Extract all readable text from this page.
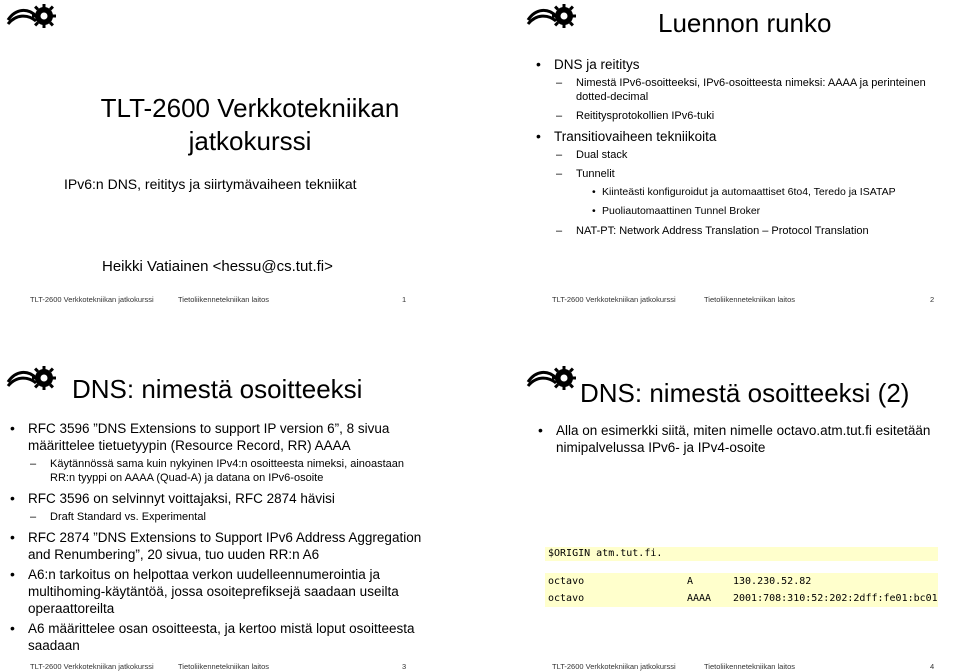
TLT-2600 Verkkotekniikan jatkokurssi
IPv6:n DNS, reititys ja siirtymävaiheen tekniikat
Heikki Vatiainen <hessu@cs.tut.fi>
TLT-2600 Verkkotekniikan jatkokurssi	Tietoliikennetekniikan laitos	1
Luennon runko
• DNS ja reititys
– Nimestä IPv6-osoitteeksi, IPv6-osoitteesta nimeksi: AAAA ja perinteinen dotted-decimal
– Reititysprotokollien IPv6-tuki
• Transitiovaiheen tekniikoita
– Dual stack
– Tunnelit
• Kiinteästi konfiguroidut ja automaattiset 6to4, Teredo ja ISATAP
• Puoliautomaattinen Tunnel Broker
– NAT-PT: Network Address Translation – Protocol Translation
TLT-2600 Verkkotekniikan jatkokurssi	Tietoliikennetekniikan laitos	2
DNS: nimestä osoitteeksi
• RFC 3596 ”DNS Extensions to support IP version 6”, 8 sivua määrittelee tietuetyypin (Resource Record, RR) AAAA
– Käytännössä sama kuin nykyinen IPv4:n osoitteesta nimeksi, ainoastaan RR:n tyyppi on AAAA (Quad-A) ja datana on IPv6-osoite
• RFC 3596 on selvinnyt voittajaksi, RFC 2874 hävisi
– Draft Standard vs. Experimental
• RFC 2874 ”DNS Extensions to Support IPv6 Address Aggregation and Renumbering”, 20 sivua, tuo uuden RR:n A6
• A6:n tarkoitus on helpottaa verkon uudelleennumerointia ja multihoming-käytäntöä, jossa osoiteprefiksejä saadaan useilta operaattoreilta
• A6 määrittelee osan osoitteesta, ja kertoo mistä loput osoitteesta saadaan
TLT-2600 Verkkotekniikan jatkokurssi	Tietoliikennetekniikan laitos	3
DNS: nimestä osoitteeksi (2)
• Alla on esimerkki siitä, miten nimelle octavo.atm.tut.fi esitetään nimipalvelussa IPv6- ja IPv4-osoite
$ORIGIN atm.tut.fi.
octavo	A	130.230.52.82
octavo	AAAA 2001:708:310:52:202:2dff:fe01:bc01
TLT-2600 Verkkotekniikan jatkokurssi	Tietoliikennetekniikan laitos	4
